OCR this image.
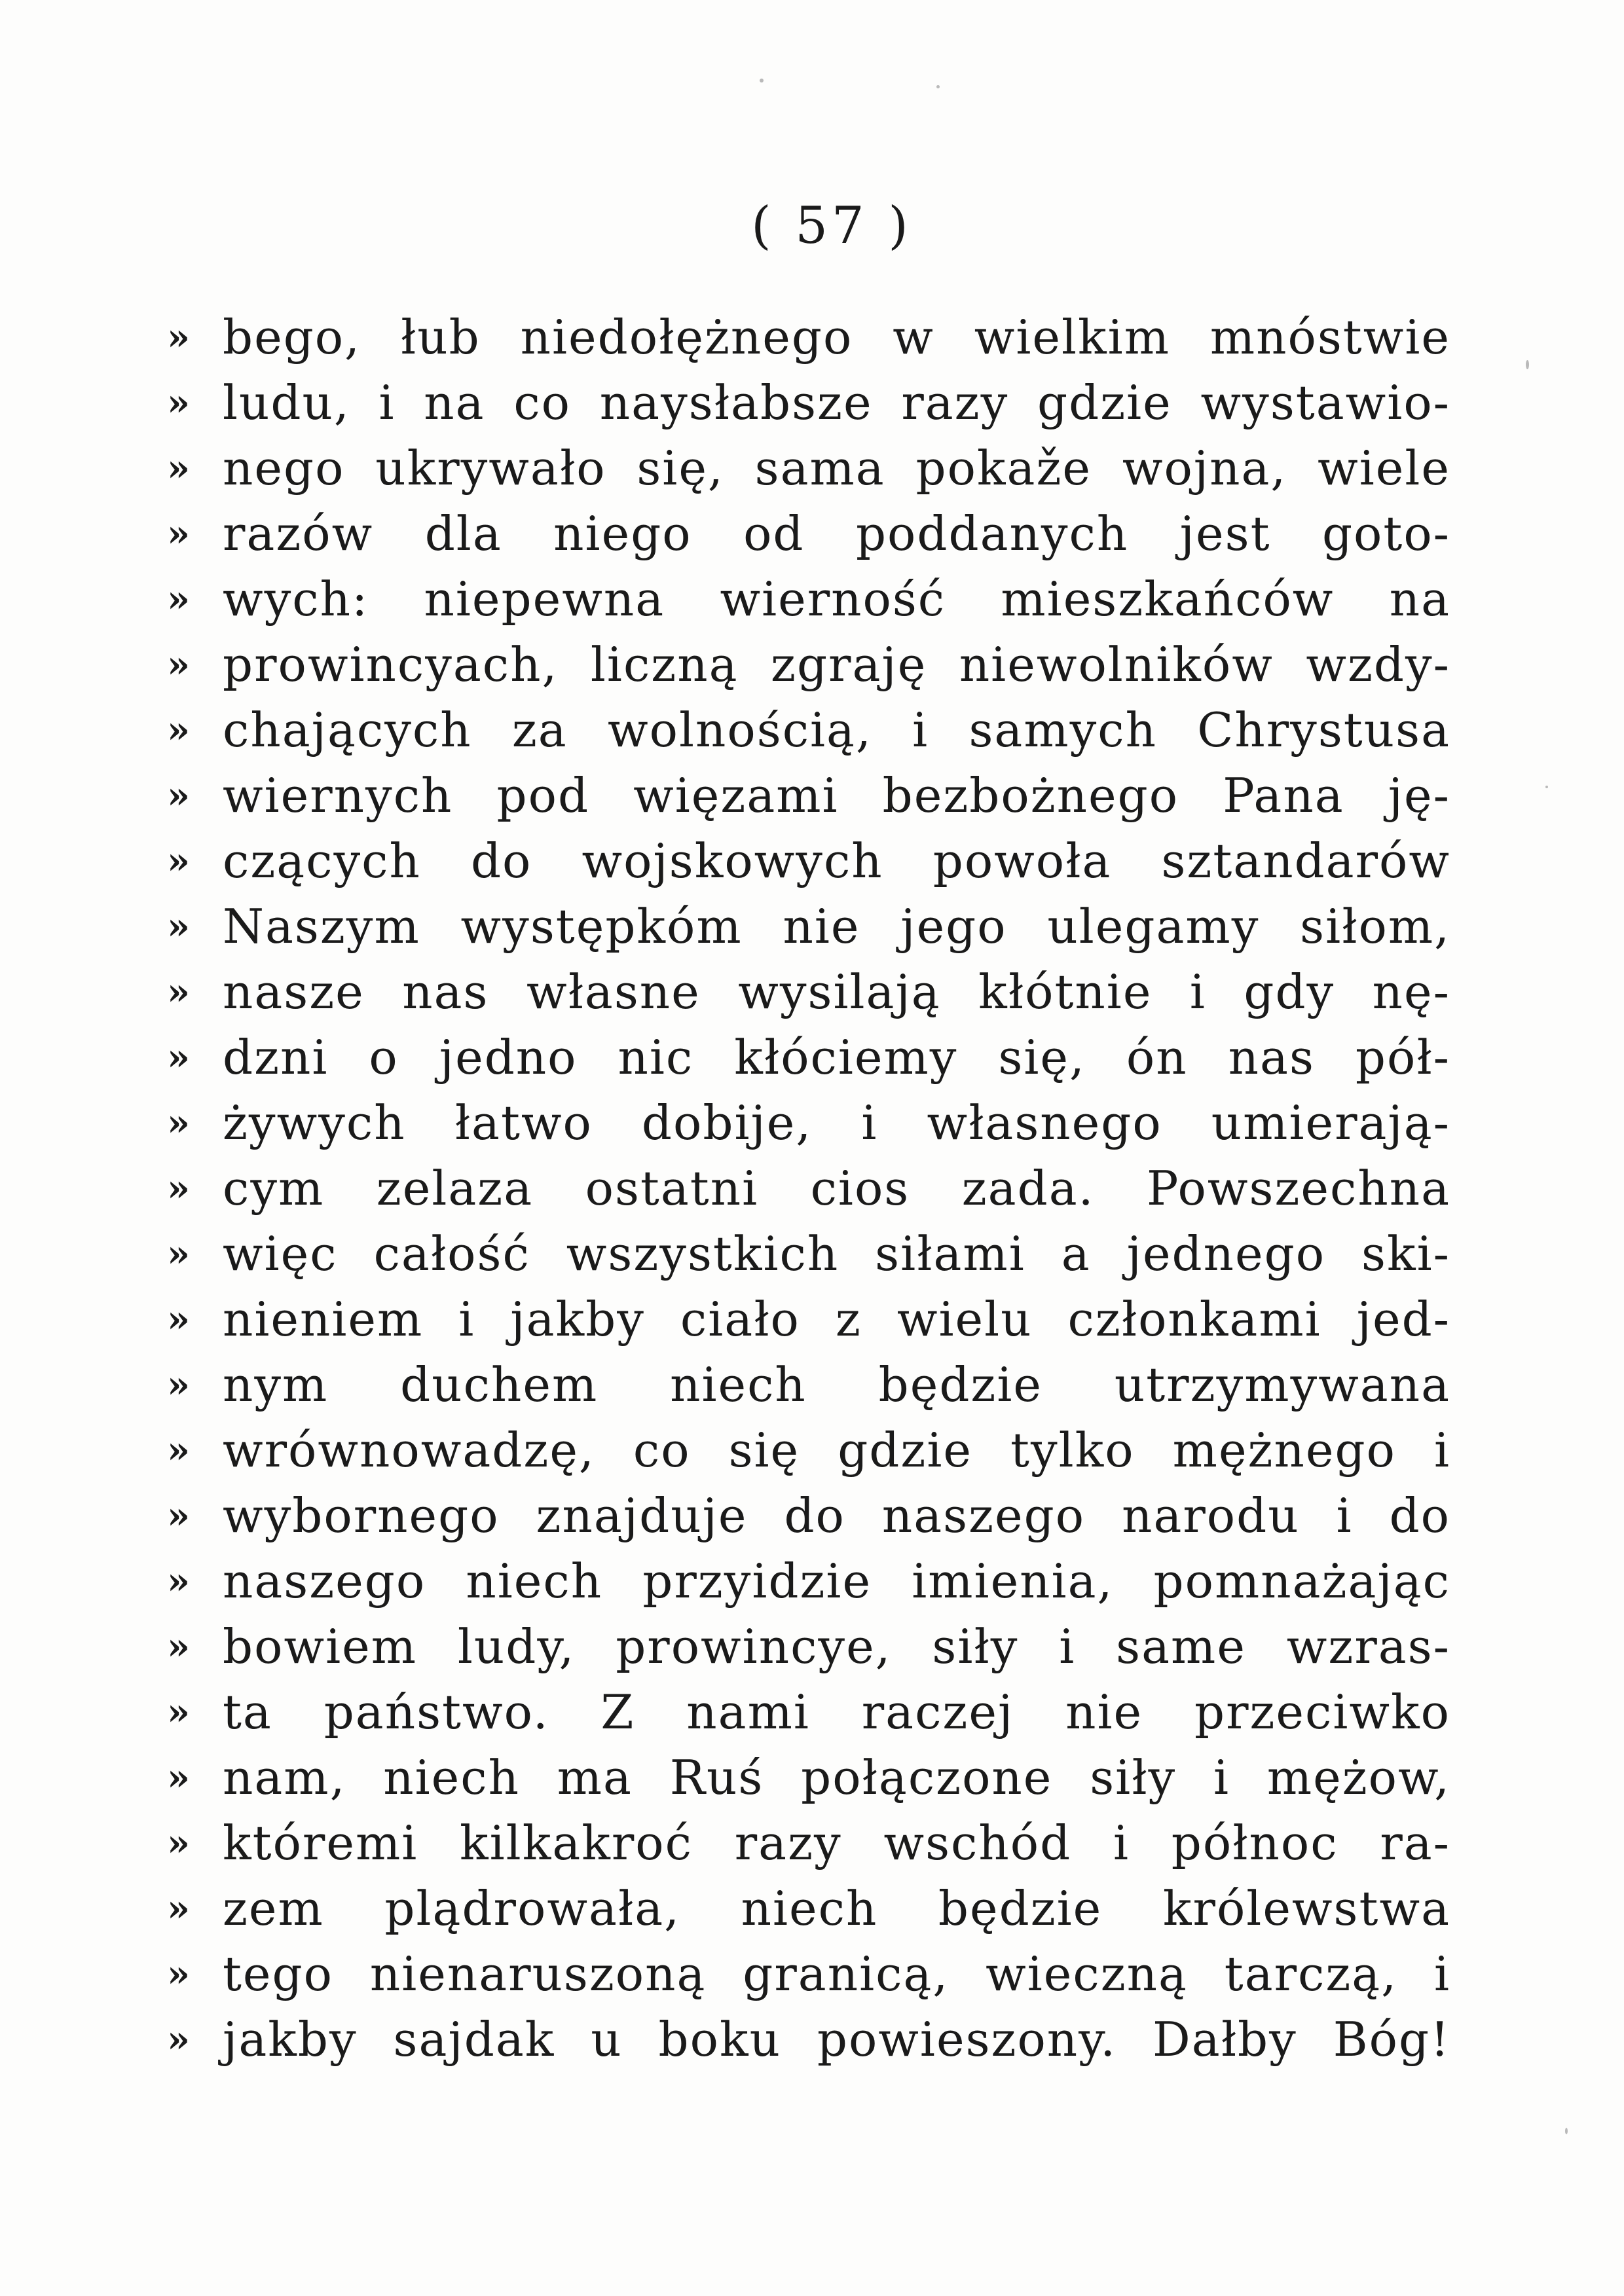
( 57 )
» bego, łub niedołężnego w wielkim mnóstwie
» ludu, i na co naysłabsze razy gdzie wystawio-
» nego ukrywało się, sama pokaže wojna, wiele
» razów dla niego od poddanych jest goto-
» wych: niepewna wierność mieszkańców na
» prowincyach, liczną zgraję niewolników wzdy-
» chających za wolnością, i samych Chrystusa
» wiernych pod więzami bezbożnego Pana ję-
» czących do wojskowych powoła sztandarów
» Naszym występkóm nie jego ulegamy siłom,
» nasze nas własne wysilają kłótnie i gdy nę-
» dzni o jedno nic kłóciemy się, ón nas pół-
» żywych łatwo dobije, i własnego umierają-
» cym zelaza ostatni cios zada. Powszechna
» więc całość wszystkich siłami a jednego ski-
» nieniem i jakby ciało z wielu członkami jed-
» nym duchem niech będzie utrzymywana
» wrównowadzę, co się gdzie tylko mężnego i
» wybornego znajduje do naszego narodu i do
» naszego niech przyidzie imienia, pomnażając
» bowiem ludy, prowincye, siły i same wzras-
» ta państwo. Z nami raczej nie przeciwko
» nam, niech ma Ruś połączone siły i mężow,
» któremi kilkakroć razy wschód i północ ra-
» zem plądrowała, niech będzie królewstwa
» tego nienaruszoną granicą, wieczną tarczą, i
» jakby sajdak u boku powieszony. Dałby Bóg!
